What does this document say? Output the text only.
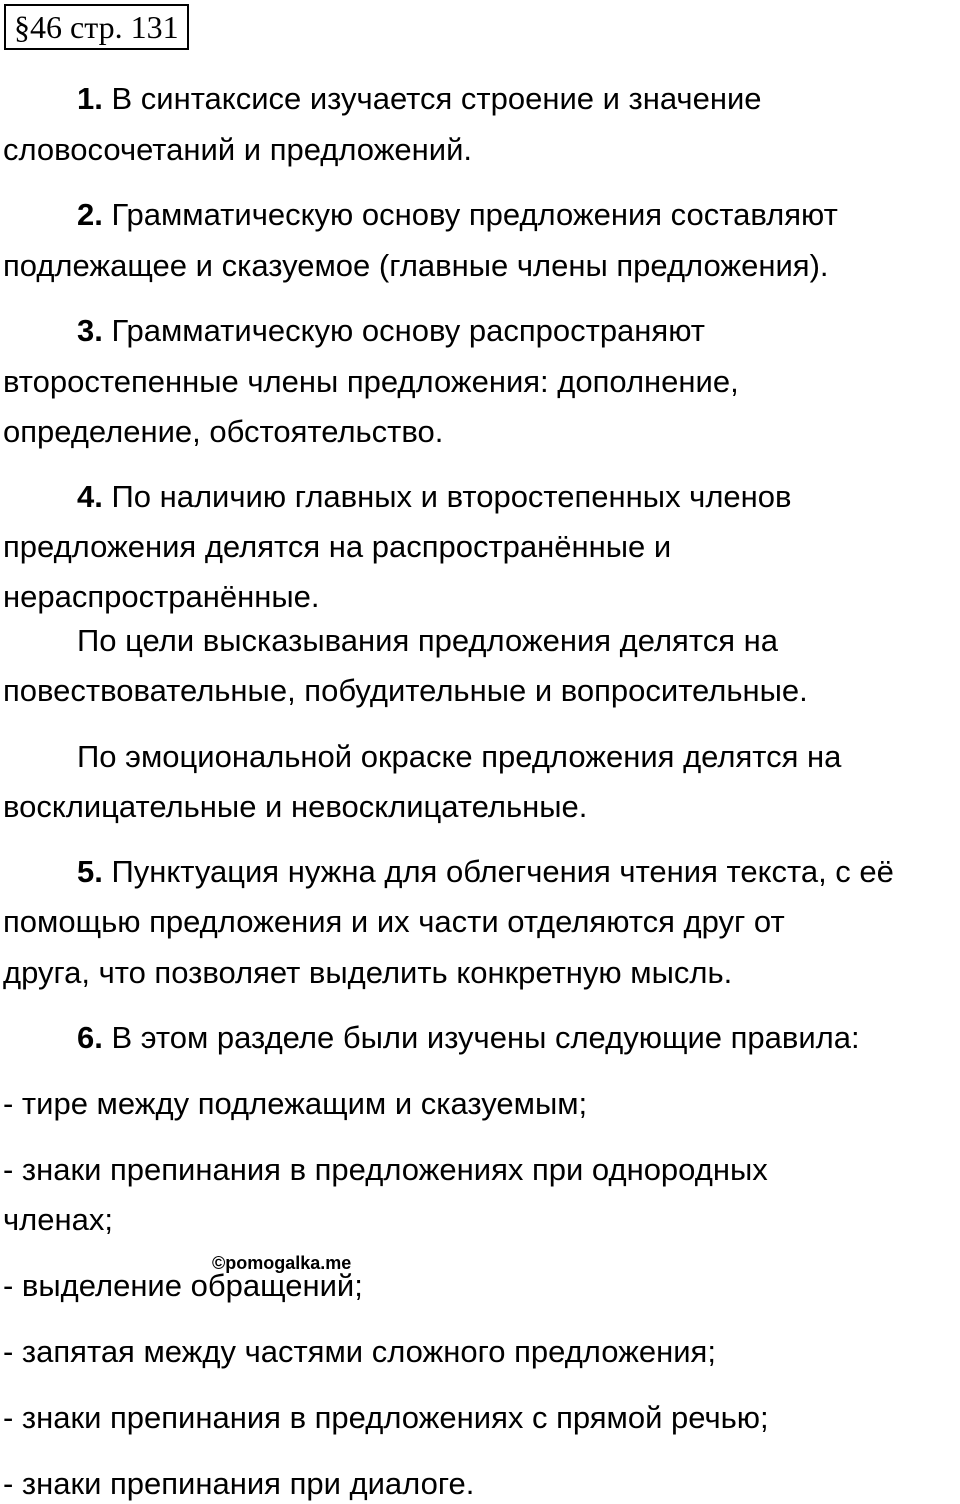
§46 стр. 131
1. В синтаксисе изучается строение и значение
словосочетаний и предложений.
2. Грамматическую основу предложения составляют
подлежащее и сказуемое (главные члены предложения).
3. Грамматическую основу распространяют
второстепенные члены предложения: дополнение,
определение, обстоятельство.
4. По наличию главных и второстепенных членов
предложения делятся на распространённые и
нераспространённые.
По цели высказывания предложения делятся на
повествовательные, побудительные и вопросительные.
По эмоциональной окраске предложения делятся на
восклицательные и невосклицательные.
5. Пунктуация нужна для облегчения чтения текста, с её
помощью предложения и их части отделяются друг от
друга, что позволяет выделить конкретную мысль.
6. В этом разделе были изучены следующие правила:
- тире между подлежащим и сказуемым;
- знаки препинания в предложениях при однородных
членах;
- выделение обращений;
- запятая между частями сложного предложения;
- знаки препинания в предложениях с прямой речью;
- знаки препинания при диалоге.
©pomogalka.me
